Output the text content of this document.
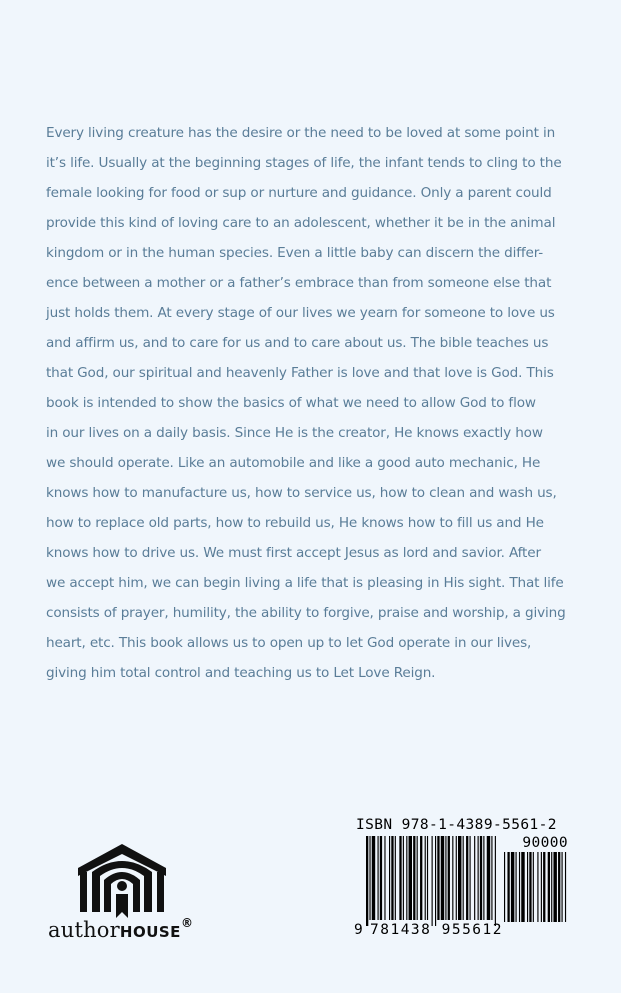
Every living creature has the desire or the need to be loved at some point in
it’s life. Usually at the beginning stages of life, the infant tends to cling to the
female looking for food or sup or nurture and guidance. Only a parent could
provide this kind of loving care to an adolescent, whether it be in the animal
kingdom or in the human species. Even a little baby can discern the differ-
ence between a mother or a father’s embrace than from someone else that
just holds them. At every stage of our lives we yearn for someone to love us
and affirm us, and to care for us and to care about us. The bible teaches us
that God, our spiritual and heavenly Father is love and that love is God. This
book is intended to show the basics of what we need to allow God to flow
in our lives on a daily basis. Since He is the creator, He knows exactly how
we should operate. Like an automobile and like a good auto mechanic, He
knows how to manufacture us, how to service us, how to clean and wash us,
how to replace old parts, how to rebuild us, He knows how to fill us and He
knows how to drive us. We must first accept Jesus as lord and savior. After
we accept him, we can begin living a life that is pleasing in His sight. That life
consists of prayer, humility, the ability to forgive, praise and worship, a giving
heart, etc. This book allows us to open up to let God operate in our lives,
giving him total control and teaching us to Let Love Reign.
authorHOUSE®
ISBN 978-1-4389-5561-2
90000
9 781438 955612
